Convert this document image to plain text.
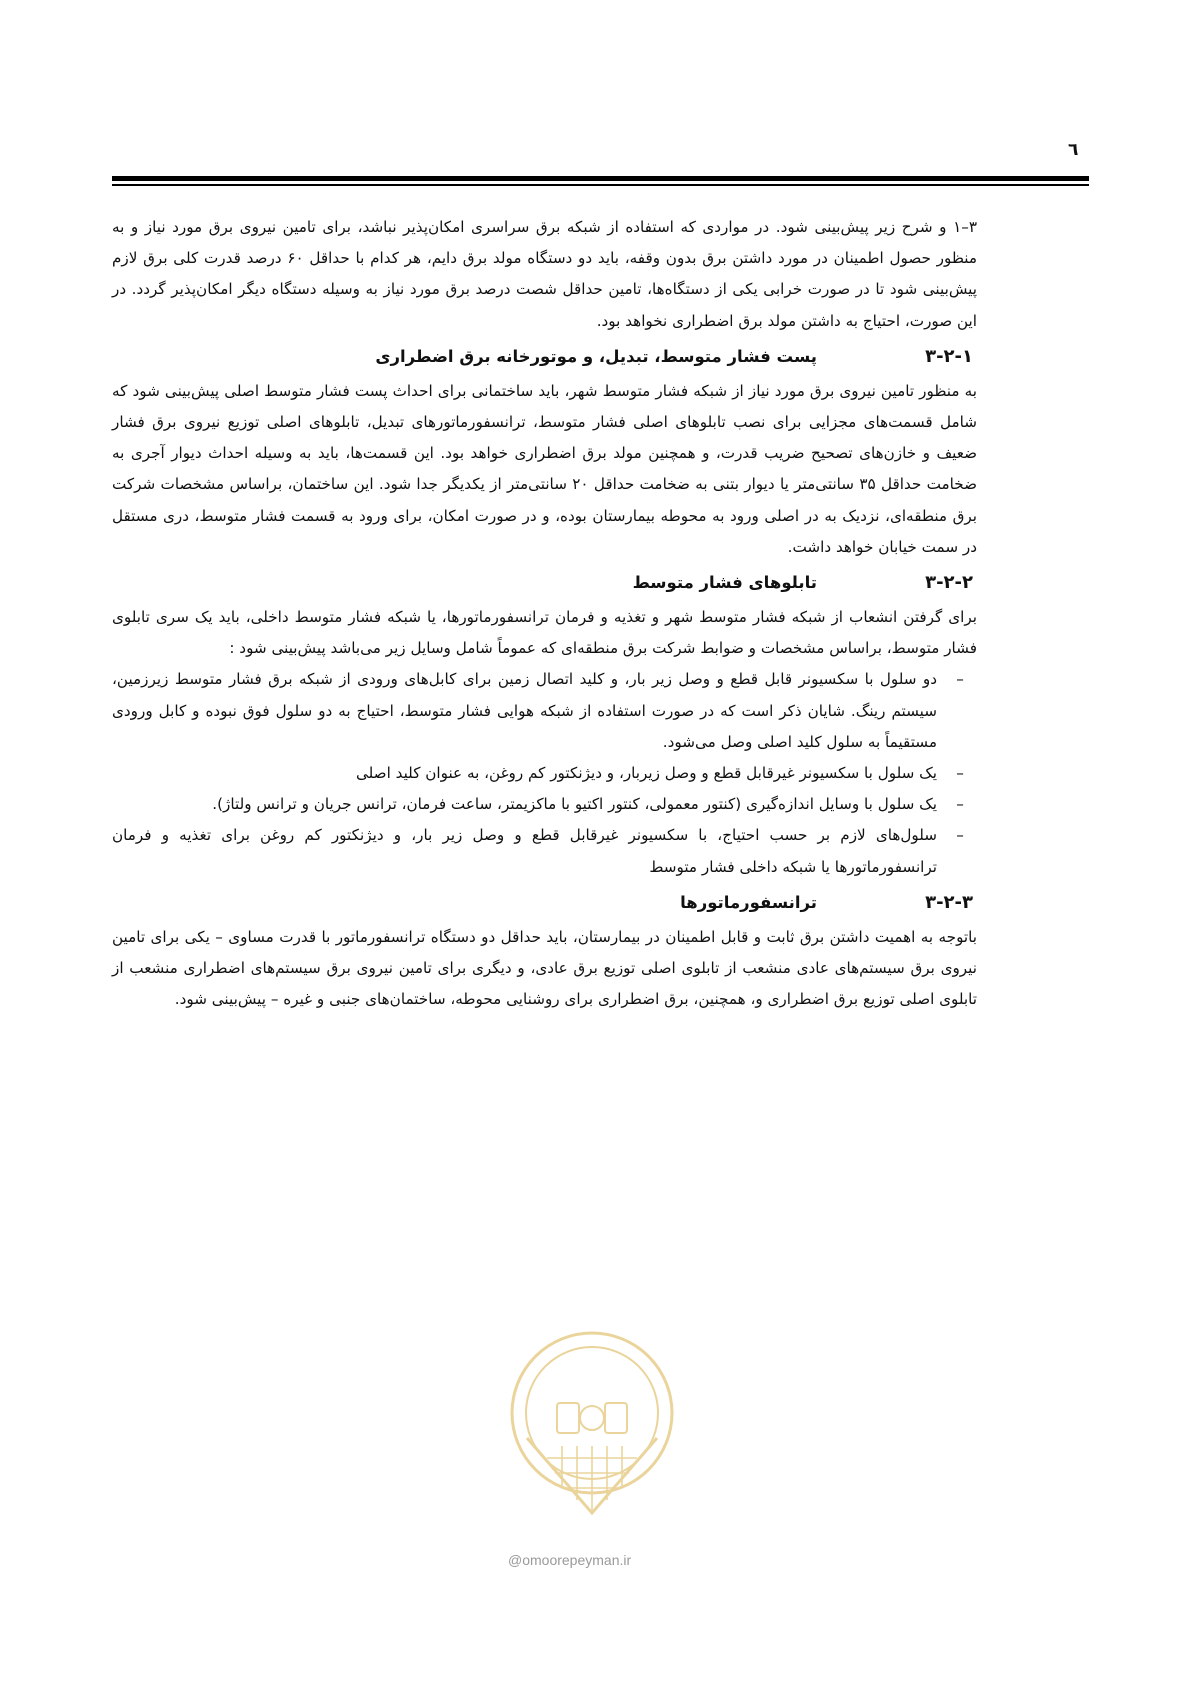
٦

۳–۱ و شرح زیر پیش‌بینی شود. در مواردی که استفاده از شبکه برق سراسری امکان‌پذیر نباشد، برای تامین نیروی برق مورد نیاز و به منظور حصول اطمینان در مورد داشتن برق بدون وقفه، باید دو دستگاه مولد برق دایم، هر کدام با حداقل ۶۰ درصد قدرت کلی برق لازم پیش‌بینی شود تا در صورت خرابی یکی از دستگاه‌ها، تامین حداقل شصت درصد برق مورد نیاز به وسیله دستگاه دیگر امکان‌پذیر گردد. در این صورت، احتیاج به داشتن مولد برق اضطراری نخواهد بود.

۳-۲-۱
پست فشار متوسط، تبدیل، و موتورخانه برق اضطراری

به منظور تامین نیروی برق مورد نیاز از شبکه فشار متوسط شهر، باید ساختمانی برای احداث پست فشار متوسط اصلی پیش‌بینی شود که شامل قسمت‌های مجزایی برای نصب تابلوهای اصلی فشار متوسط، ترانسفورماتورهای تبدیل، تابلوهای اصلی توزیع نیروی برق فشار ضعیف و خازن‌های تصحیح ضریب قدرت، و همچنین مولد برق اضطراری خواهد بود. این قسمت‌ها، باید به وسیله احداث دیوار آجری به ضخامت حداقل ۳۵ سانتی‌متر یا دیوار بتنی به ضخامت حداقل ۲۰ سانتی‌متر از یکدیگر جدا شود. این ساختمان، براساس مشخصات شرکت برق منطقه‌ای، نزدیک به در اصلی ورود به محوطه بیمارستان بوده، و در صورت امکان، برای ورود به قسمت فشار متوسط، دری مستقل در سمت خیابان خواهد داشت.

۳-۲-۲
تابلوهای فشار متوسط

برای گرفتن انشعاب از شبکه فشار متوسط شهر و تغذیه و فرمان ترانسفورماتورها، یا شبکه فشار متوسط داخلی، باید یک سری تابلوی فشار متوسط، براساس مشخصات و ضوابط شرکت برق منطقه‌ای که عموماً شامل وسایل زیر می‌باشد پیش‌بینی شود :

–
دو سلول با سکسیونر قابل قطع و وصل زیر بار، و کلید اتصال زمین برای کابل‌های ورودی از شبکه برق فشار متوسط زیرزمین، سیستم رینگ. شایان ذکر است که در صورت استفاده از شبکه هوایی فشار متوسط، احتیاج به دو سلول فوق نبوده و کابل ورودی مستقیماً به سلول کلید اصلی وصل می‌شود.
–
یک سلول با سکسیونر غیرقابل قطع و وصل زیربار، و دیژنکتور کم روغن، به عنوان کلید اصلی
–
یک سلول با وسایل اندازه‌گیری (کنتور معمولی، کنتور اکتیو با ماکزیمتر، ساعت فرمان، ترانس جریان و ترانس ولتاژ).
–
سلول‌های لازم بر حسب احتیاج، با سکسیونر غیرقابل قطع و وصل زیر بار، و دیژنکتور کم روغن برای تغذیه و فرمان ترانسفورماتورها یا شبکه داخلی فشار متوسط
۳-۲-۳
ترانسفورماتورها

باتوجه به اهمیت داشتن برق ثابت و قابل اطمینان در بیمارستان، باید حداقل دو دستگاه ترانسفورماتور با قدرت مساوی – یکی برای تامین نیروی برق سیستم‌های عادی منشعب از تابلوی اصلی توزیع برق عادی، و دیگری برای تامین نیروی برق سیستم‌های اضطراری منشعب از تابلوی اصلی توزیع برق اضطراری و، همچنین، برق اضطراری برای روشنایی محوطه، ساختمان‌های جنبی و غیره – پیش‌بینی شود.

@omoorepeyman.ir
